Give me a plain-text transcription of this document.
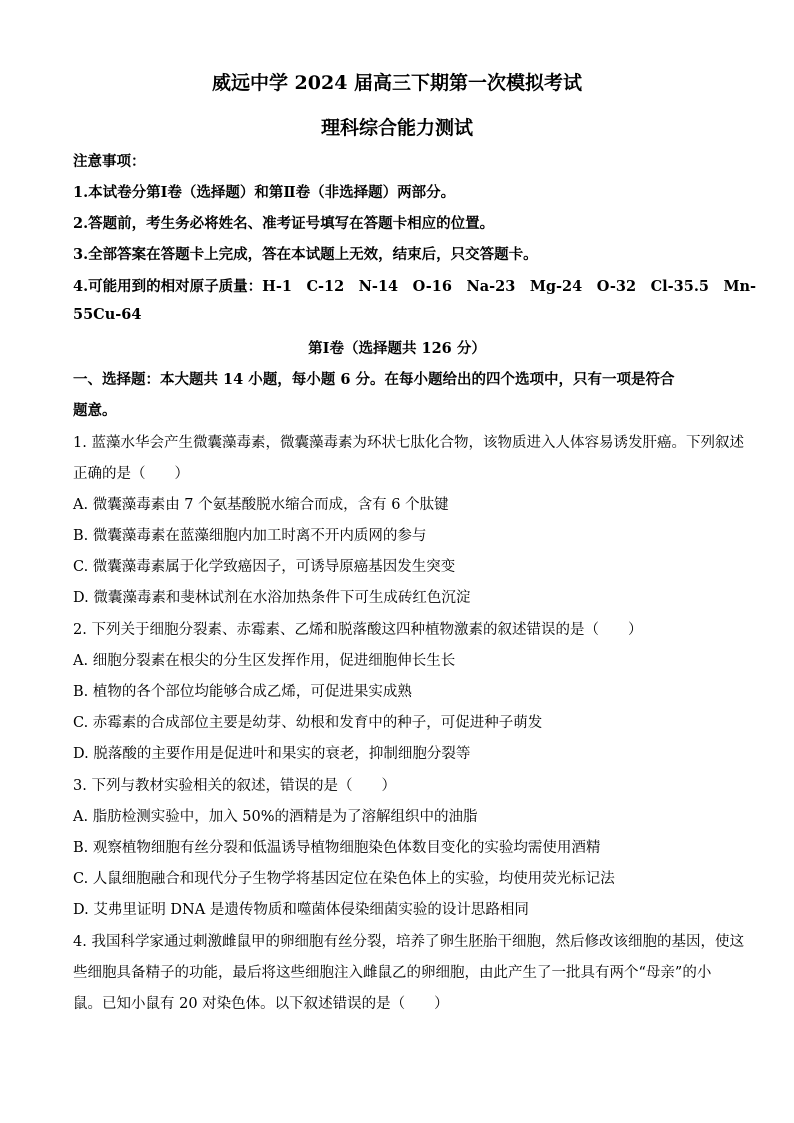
威远中学 2024 届高三下期第一次模拟考试
理科综合能力测试
注意事项：
1.本试卷分第Ⅰ卷（选择题）和第Ⅱ卷（非选择题）两部分。
2.答题前，考生务必将姓名、准考证号填写在答题卡相应的位置。
3.全部答案在答题卡上完成，答在本试题上无效，结束后，只交答题卡。
4.可能用到的相对原子质量：H-1　C-12　N-14　O-16　Na-23　Mg-24　O-32　Cl-35.5　Mn-
55Cu-64
第Ⅰ卷（选择题共 126 分）
一、选择题：本大题共 14 小题，每小题 6 分。在每小题给出的四个选项中，只有一项是符合
题意。
1. 蓝藻水华会产生微囊藻毒素，微囊藻毒素为环状七肽化合物，该物质进入人体容易诱发肝癌。下列叙述
正确的是（　　）
A. 微囊藻毒素由 7 个氨基酸脱水缩合而成，含有 6 个肽键
B. 微囊藻毒素在蓝藻细胞内加工时离不开内质网的参与
C. 微囊藻毒素属于化学致癌因子，可诱导原癌基因发生突变
D. 微囊藻毒素和斐林试剂在水浴加热条件下可生成砖红色沉淀
2. 下列关于细胞分裂素、赤霉素、乙烯和脱落酸这四种植物激素的叙述错误的是（　　）
A. 细胞分裂素在根尖的分生区发挥作用，促进细胞伸长生长
B. 植物的各个部位均能够合成乙烯，可促进果实成熟
C. 赤霉素的合成部位主要是幼芽、幼根和发育中的种子，可促进种子萌发
D. 脱落酸的主要作用是促进叶和果实的衰老，抑制细胞分裂等
3. 下列与教材实验相关的叙述，错误的是（　　）
A. 脂肪检测实验中，加入 50%的酒精是为了溶解组织中的油脂
B. 观察植物细胞有丝分裂和低温诱导植物细胞染色体数目变化的实验均需使用酒精
C. 人鼠细胞融合和现代分子生物学将基因定位在染色体上的实验，均使用荧光标记法
D. 艾弗里证明 DNA 是遗传物质和噬菌体侵染细菌实验的设计思路相同
4. 我国科学家通过刺激雌鼠甲的卵细胞有丝分裂，培养了卵生胚胎干细胞，然后修改该细胞的基因，使这
些细胞具备精子的功能，最后将这些细胞注入雌鼠乙的卵细胞，由此产生了一批具有两个“母亲”的小
鼠。已知小鼠有 20 对染色体。以下叙述错误的是（　　）
